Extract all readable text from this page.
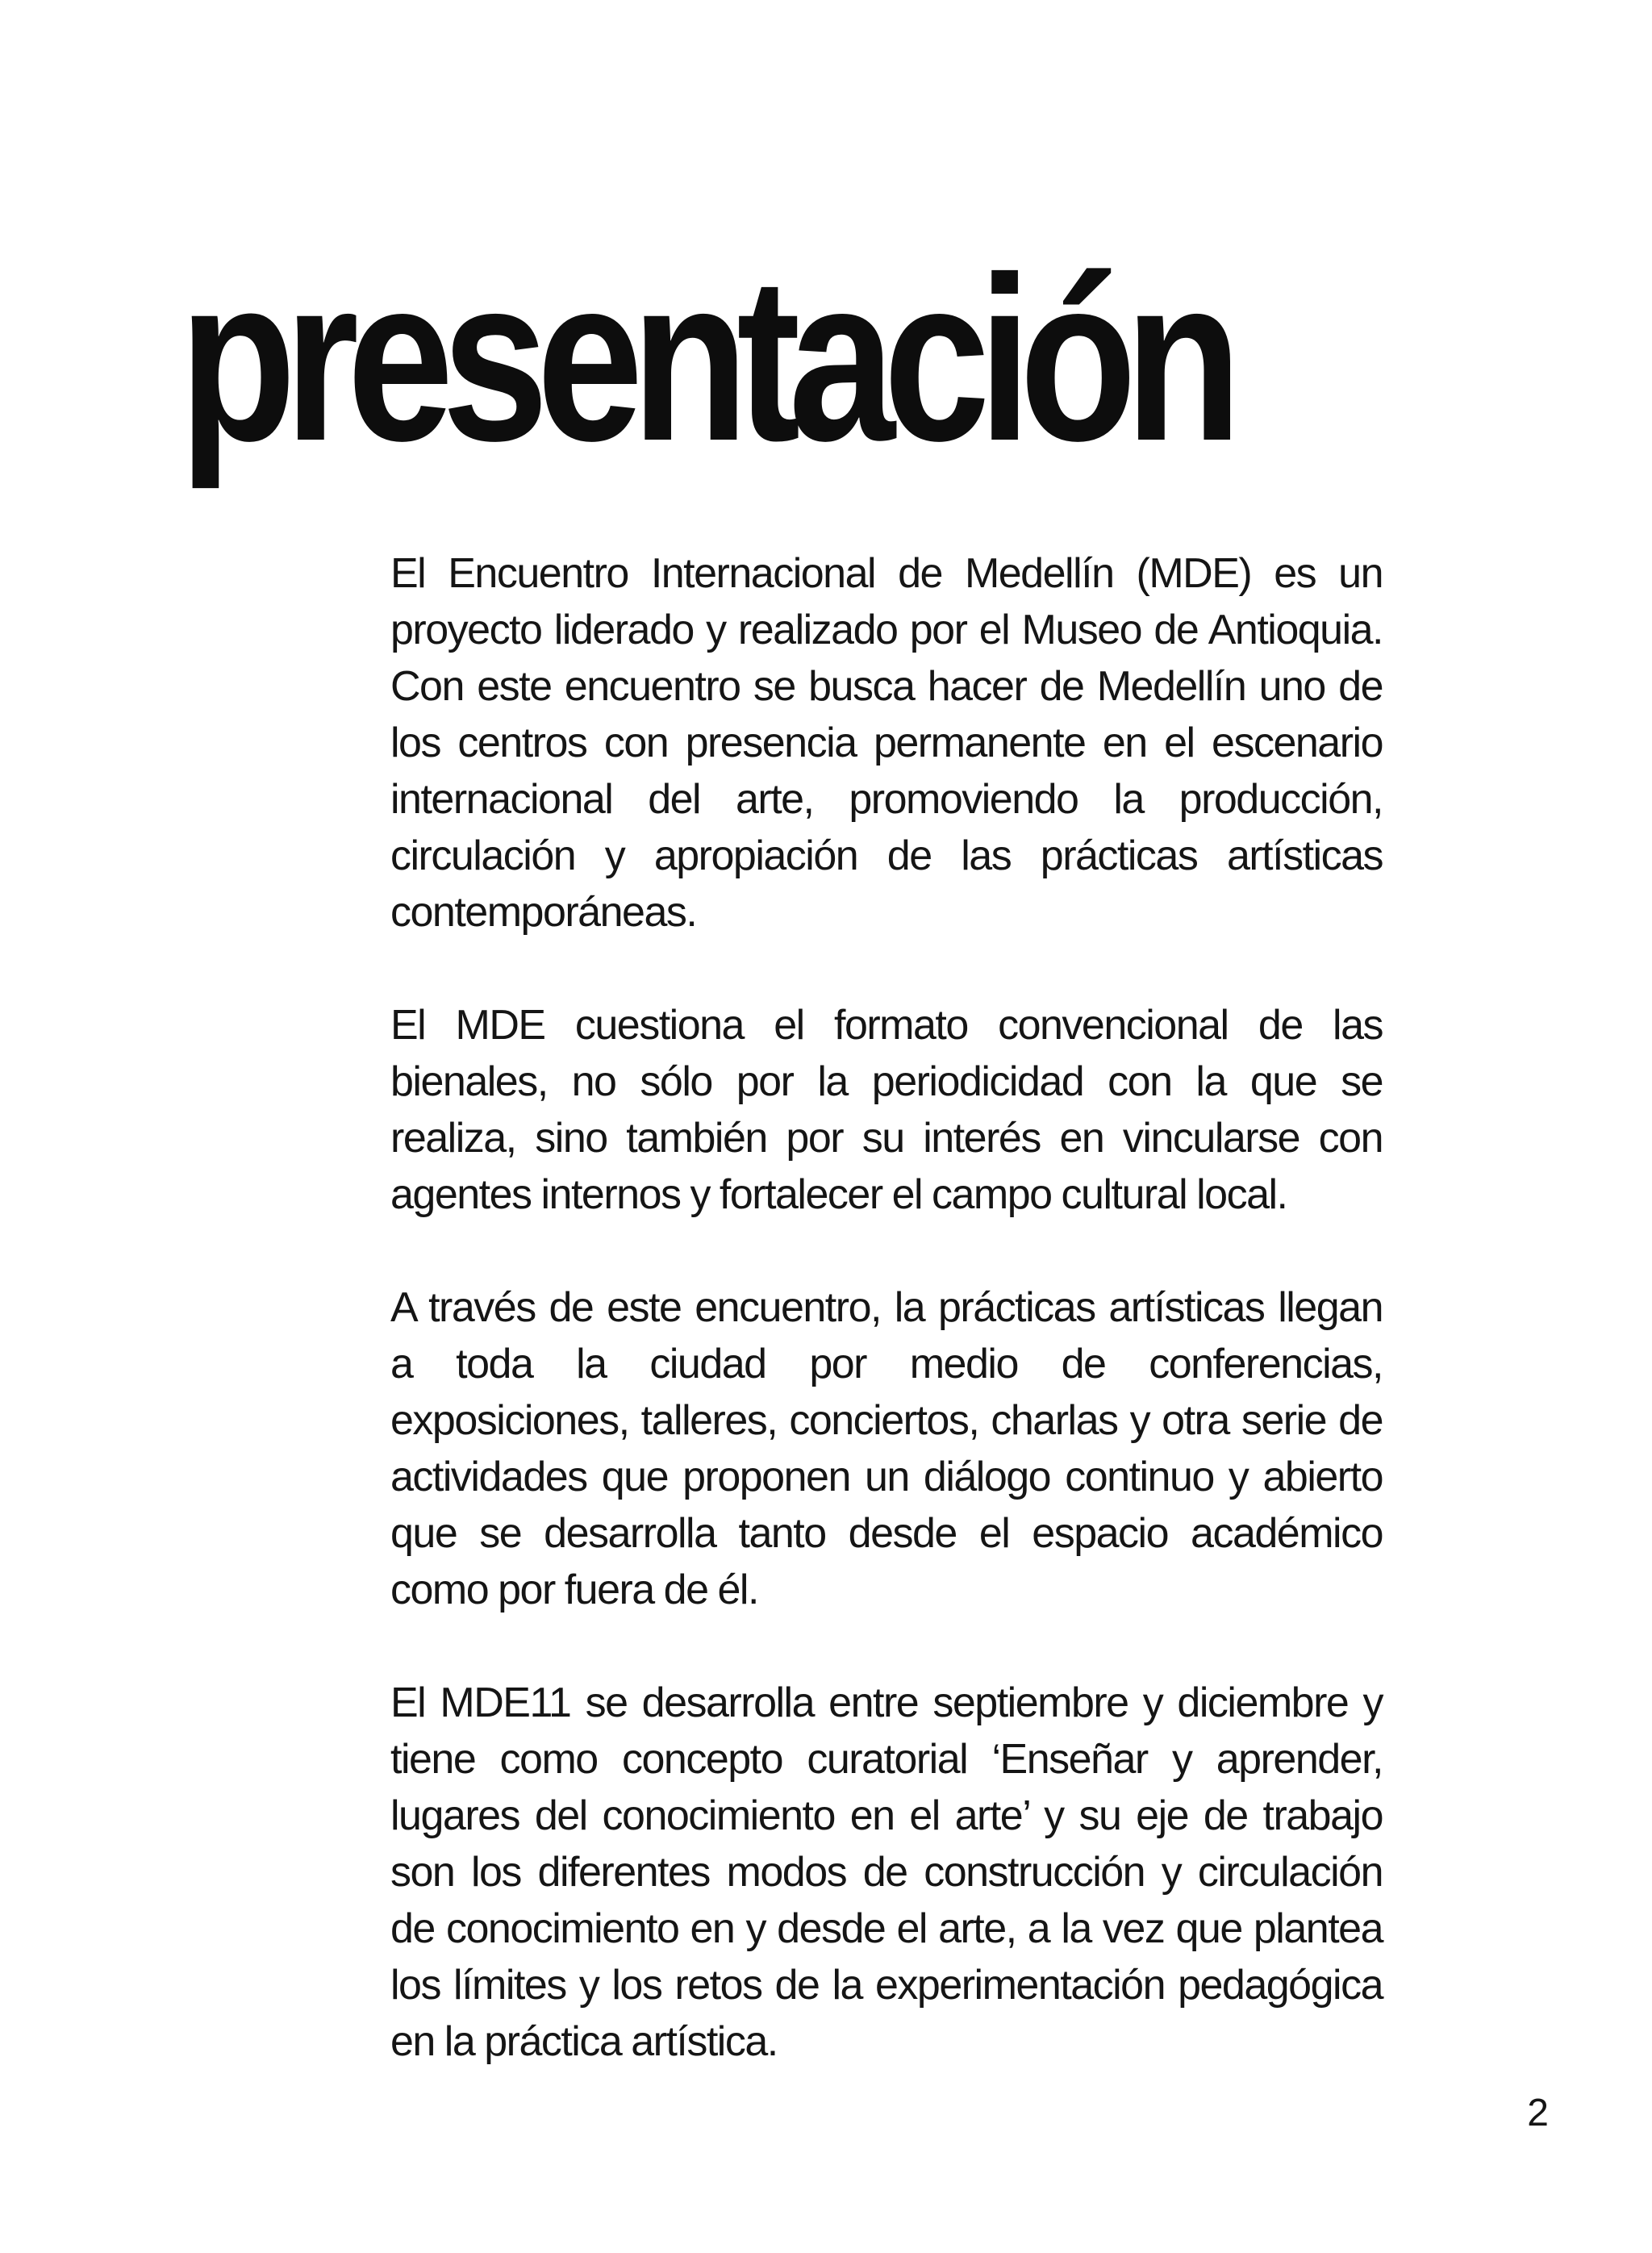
presentación

El Encuentro Internacional de Medellín (MDE) es un proyecto liderado y realizado por el Museo de Antioquia. Con este encuentro se busca hacer de Medellín uno de los centros con presencia permanente en el escenario internacional del arte, promoviendo la producción, circulación y apropiación de las prácticas artísticas contemporáneas.

El MDE cuestiona el formato convencional de las bienales, no sólo por la periodicidad con la que se realiza, sino también por su interés en vincularse con agentes internos y fortalecer el campo cultural local.

A través de este encuentro, la prácticas artísticas llegan a toda la ciudad por medio de conferencias, exposiciones, talleres, conciertos, charlas y otra serie de actividades que proponen un diálogo continuo y abierto que se desarrolla tanto desde el espacio académico como por fuera de él.

El MDE11 se desarrolla entre septiembre y diciembre y tiene como concepto curatorial ‘Enseñar y aprender, lugares del conocimiento en el arte’ y su eje de trabajo son los diferentes modos de construcción y circulación de conocimiento en y desde el arte, a la vez que plantea los límites y los retos de la experimentación pedagógica en la práctica artística.

2
